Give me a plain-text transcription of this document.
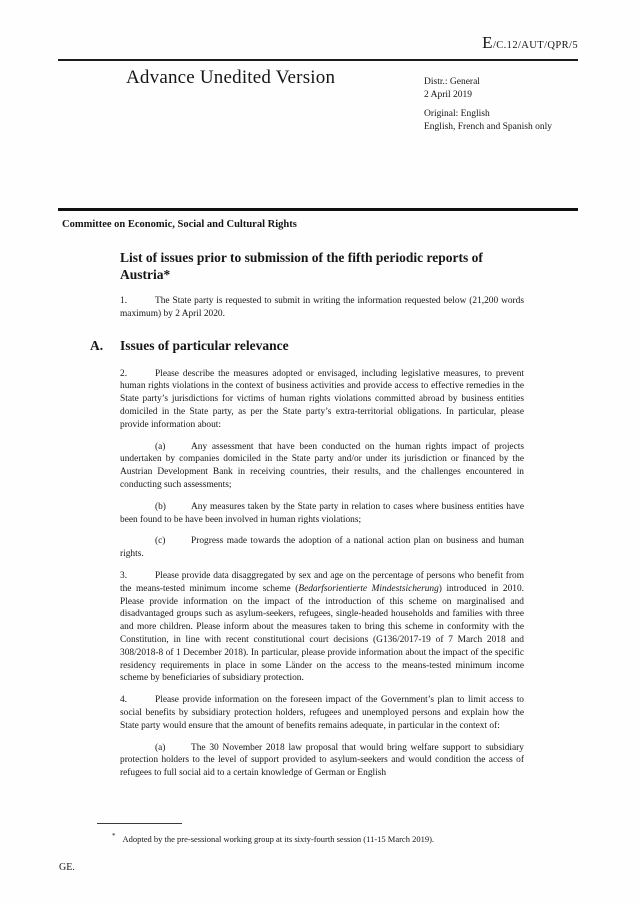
E/C.12/AUT/QPR/5
Advance Unedited Version	Distr.: General
2 April 2019
Original: English
English, French and Spanish only
Committee on Economic, Social and Cultural Rights
List of issues prior to submission of the fifth periodic reports of Austria*

1.	The State party is requested to submit in writing the information requested below (21,200 words maximum) by 2 April 2020.

A. Issues of particular relevance

2.	Please describe the measures adopted or envisaged, including legislative measures, to prevent human rights violations in the context of business activities and provide access to effective remedies in the State party’s jurisdictions for victims of human rights violations committed abroad by business entities domiciled in the State party, as per the State party’s extra-territorial obligations. In particular, please provide information about:

(a)	Any assessment that have been conducted on the human rights impact of projects undertaken by companies domiciled in the State party and/or under its jurisdiction or financed by the Austrian Development Bank in receiving countries, their results, and the challenges encountered in conducting such assessments;

(b)	Any measures taken by the State party in relation to cases where business entities have been found to be have been involved in human rights violations;

(c)	Progress made towards the adoption of a national action plan on business and human rights.

3.	Please provide data disaggregated by sex and age on the percentage of persons who benefit from the means-tested minimum income scheme (Bedarfsorientierte Mindestsicherung) introduced in 2010. Please provide information on the impact of the introduction of this scheme on marginalised and disadvantaged groups such as asylum-seekers, refugees, single-headed households and families with three and more children. Please inform about the measures taken to bring this scheme in conformity with the Constitution, in line with recent constitutional court decisions (G136/2017-19 of 7 March 2018 and 308/2018-8 of 1 December 2018). In particular, please provide information about the impact of the specific residency requirements in place in some Länder on the access to the means-tested minimum income scheme by beneficiaries of subsidiary protection.

4.	Please provide information on the foreseen impact of the Government’s plan to limit access to social benefits by subsidiary protection holders, refugees and unemployed persons and explain how the State party would ensure that the amount of benefits remains adequate, in particular in the context of:

(a)	The 30 November 2018 law proposal that would bring welfare support to subsidiary protection holders to the level of support provided to asylum-seekers and would condition the access of refugees to full social aid to a certain knowledge of German or English

* Adopted by the pre-sessional working group at its sixty-fourth session (11-15 March 2019).
GE.
